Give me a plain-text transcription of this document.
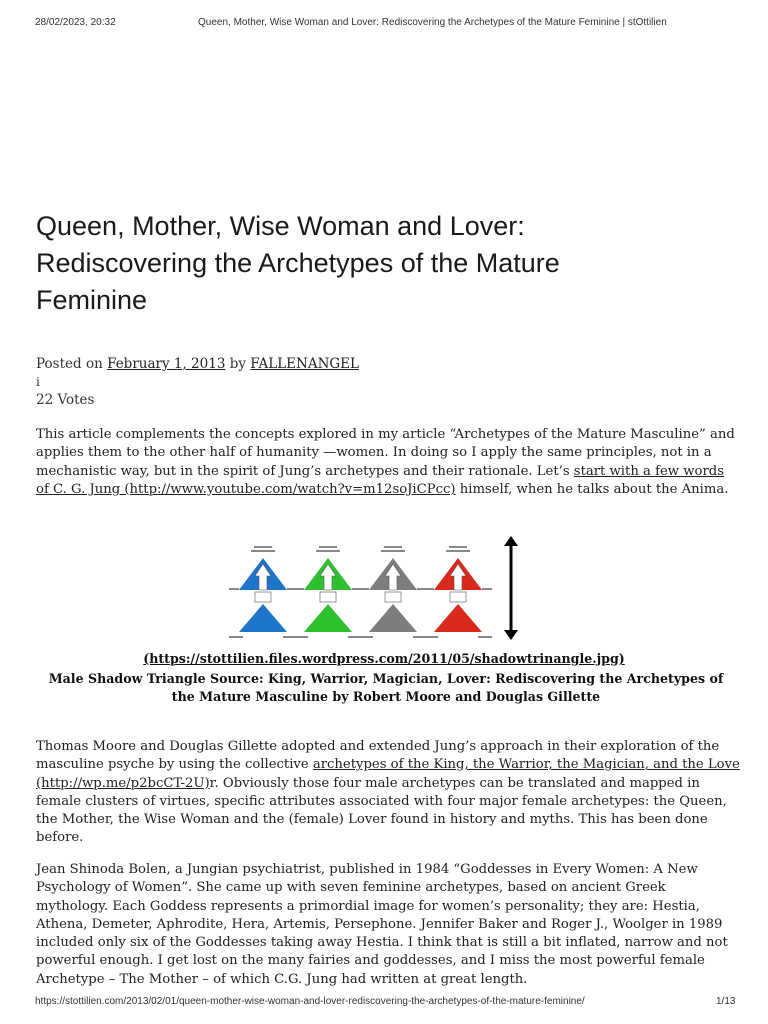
28/02/2023, 20:32	Queen, Mother, Wise Woman and Lover: Rediscovering the Archetypes of the Mature Feminine | stOttilien
Queen, Mother, Wise Woman and Lover: Rediscovering the Archetypes of the Mature Feminine
Posted on February 1, 2013 by FALLENANGEL
i
22 Votes

This article complements the concepts explored in my article “Archetypes of the Mature Masculine” and applies them to the other half of humanity —women. In doing so I apply the same principles, not in a mechanistic way, but in the spirit of Jung’s archetypes and their rationale. Let’s start with a few words of C. G. Jung (http://www.youtube.com/watch?v=m12soJiCPcc) himself, when he talks about the Anima.

(https://stottilien.files.wordpress.com/2011/05/shadowtrinangle.jpg)
Male Shadow Triangle Source: King, Warrior, Magician, Lover: Rediscovering the Archetypes of the Mature Masculine by Robert Moore and Douglas Gillette

Thomas Moore and Douglas Gillette adopted and extended Jung’s approach in their exploration of the masculine psyche by using the collective archetypes of the King, the Warrior, the Magician, and the Love (http://wp.me/p2bcCT-2U)r. Obviously those four male archetypes can be translated and mapped in female clusters of virtues, specific attributes associated with four major female archetypes: the Queen, the Mother, the Wise Woman and the (female) Lover found in history and myths. This has been done before.

Jean Shinoda Bolen, a Jungian psychiatrist, published in 1984 “Goddesses in Every Women: A New Psychology of Women”. She came up with seven feminine archetypes, based on ancient Greek mythology. Each Goddess represents a primordial image for women’s personality; they are: Hestia, Athena, Demeter, Aphrodite, Hera, Artemis, Persephone. Jennifer Baker and Roger J., Woolger in 1989 included only six of the Goddesses taking away Hestia. I think that is still a bit inflated, narrow and not powerful enough. I get lost on the many fairies and goddesses, and I miss the most powerful female Archetype – The Mother – of which C.G. Jung had written at great length.

https://stottilien.com/2013/02/01/queen-mother-wise-woman-and-lover-rediscovering-the-archetypes-of-the-mature-feminine/	1/13
